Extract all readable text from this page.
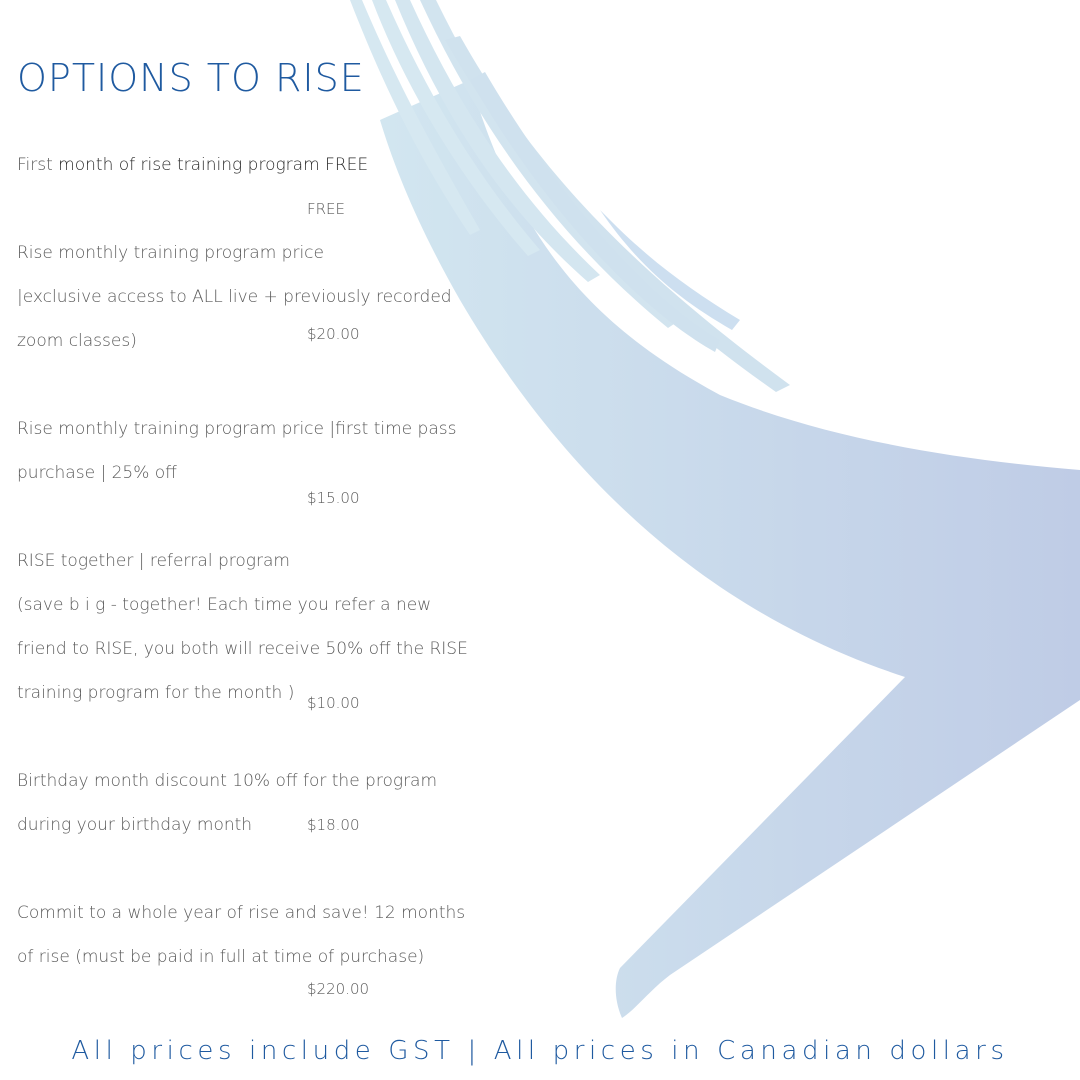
OPTIONS TO RISE
First month of rise training program FREE
FREE
Rise monthly training program price
|exclusive access to ALL live + previously recorded
zoom classes)	$20.00
Rise monthly training program price |first time pass
purchase | 25% off
$15.00
RISE together | referral program
(save b i g - together! Each time you refer a new
friend to RISE, you both will receive 50% off the RISE
training program for the month ) $10.00
Birthday month discount 10% off for the program
during your birthday month	$18.00
Commit to a whole year of rise and save! 12 months
of rise (must be paid in full at time of purchase)
$220.00
All prices include GST | All prices in Canadian dollars
